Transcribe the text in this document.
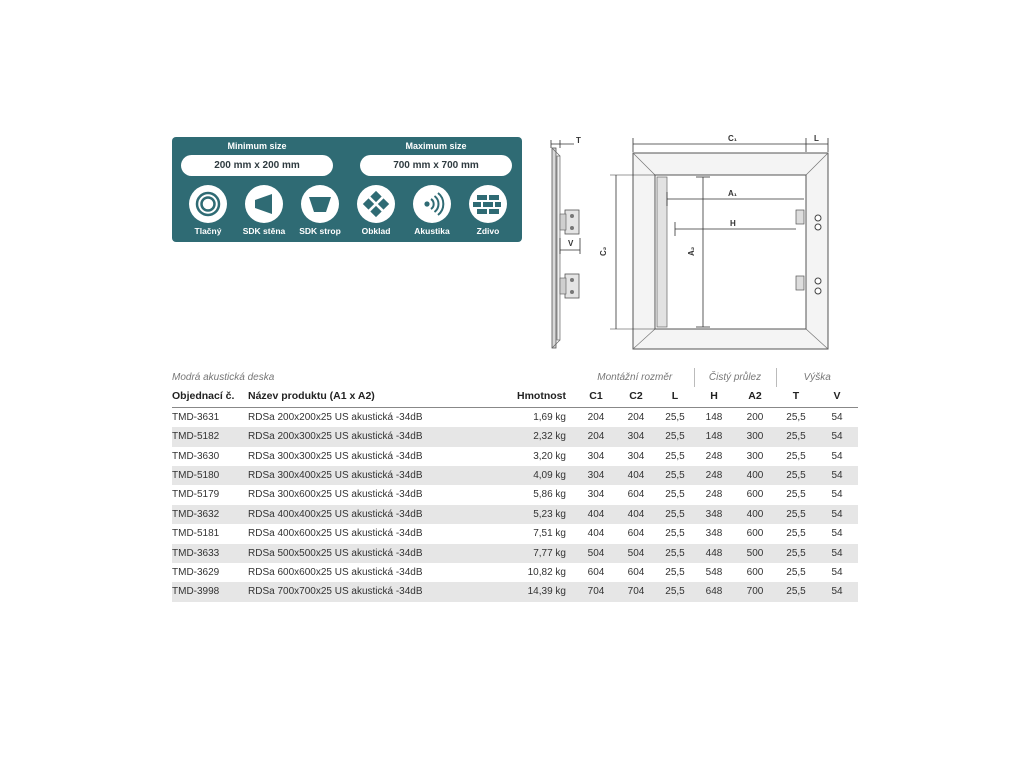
Minimum size
200 mm x 200 mm
Maximum size
700 mm x 700 mm
Tlačný	SDK stěna	SDK strop	Obklad	Akustika	Zdivo
T
V
C₁	L
A₁
H
A₂
C₂
Modrá akustická deska			Montážní rozměr			Čistý průlez		Výška	
Objednací č.	Název produktu (A1 x A2)	Hmotnost	C1	C2	L	H	A2	T	V
TMD-3631	RDSa 200x200x25 US akustická -34dB	1,69 kg	204	204	25,5	148	200	25,5	54
TMD-5182	RDSa 200x300x25 US akustická -34dB	2,32 kg	204	304	25,5	148	300	25,5	54
TMD-3630	RDSa 300x300x25 US akustická -34dB	3,20 kg	304	304	25,5	248	300	25,5	54
TMD-5180	RDSa 300x400x25 US akustická -34dB	4,09 kg	304	404	25,5	248	400	25,5	54
TMD-5179	RDSa 300x600x25 US akustická -34dB	5,86 kg	304	604	25,5	248	600	25,5	54
TMD-3632	RDSa 400x400x25 US akustická -34dB	5,23 kg	404	404	25,5	348	400	25,5	54
TMD-5181	RDSa 400x600x25 US akustická -34dB	7,51 kg	404	604	25,5	348	600	25,5	54
TMD-3633	RDSa 500x500x25 US akustická -34dB	7,77 kg	504	504	25,5	448	500	25,5	54
TMD-3629	RDSa 600x600x25 US akustická -34dB	10,82 kg	604	604	25,5	548	600	25,5	54
TMD-3998	RDSa 700x700x25 US akustická -34dB	14,39 kg	704	704	25,5	648	700	25,5	54
